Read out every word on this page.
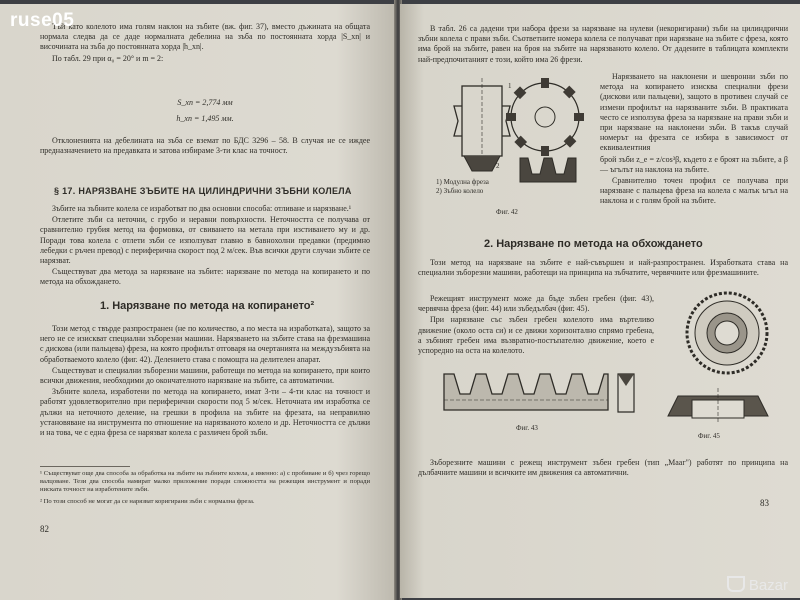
Тъй като колелото има голям наклон на зъбите (вж. фиг. 37), вместо дъжината на общата нормала следва да се даде нормалната дебелина на зъба по постоянната хорда |S_xn| и височината на зъба до постоянната хорда |h_xn|.

По табл. 29 при α₀ = 20° и m = 2:

S_xn = 2,774 мм
h_xn = 1,495 мм.

Отклоненията на дебелината на зъба се вземат по БДС 3296 – 58. В случая не се иждее предназначението на предавката и затова избираме 3-ти клас на точност.

§ 17. НАРЯЗВАНЕ ЗЪБИТЕ НА ЦИЛИНДРИЧНИ ЗЪБНИ КОЛЕЛА

Зъбите на зъбните колела се изработват по два основни способа: отливане и нарязване.¹

Отлетите зъби са неточни, с грубо и неравни повърхности. Неточността се получава от сравнително грубия метод на формовка, от свиването на метала при изстиването му и др. Поради това колела с отлети зъби се използуват главно в бавнохолни предавки (предимно лебедки с ръчен превод) с периферична скорост под 2 м/сек. Във всички други случаи зъбите се нарязват.

Съществуват два метода за нарязване на зъбите: нарязване по метода на копирането и по метода на обхождането.

1. Нарязване по метода на копирането²

Този метод с твърде разпространен (не по количество, а по места на изработката), защото за него не се изискват специални зъборезни машини. Нарязването на зъбите става на фрезмашина с дискова (или пальцева) фреза, на която профилът отговаря на очертанията на междузъбията на обработваемото колело (фиг. 42). Делението става с помощта на делителен апарат.

Съществуват и специални зъборезни машини, работещи по метода на копирането, при които всички движения, необходими до окончателното нарязване на зъбите, са автоматични.

Зъбните колела, изработени по метода на копирането, имат 3-ти – 4-ти клас на точност и работят удовлетворително при периферични скорости под 5 м/сек. Неточната им изработка се дължи на неточното деление, на грешки в профила на зъбите на фрезата, на неправилно установяване на инструмента по отношение на нарязваното колело и др. Неточността се дължи и на това, че с една фреза се нарязват колела с различен брой зъби.

¹ Съществуват още два способа за обработка на зъбите на зъбните колела, а именно: а) с пробиване и б) чрез горещо валцоване. Тези два способа намират малко приложение поради сложността на режещия инструмент и поради ниската точност на изработените зъби.
² По този способ не могат да се нарязват коригирани зъби с нормална фреза.
82

В табл. 26 са дадени три набора фрези за нарязване на нулеви (некоригирани) зъби на цилиндрични зъбни колела с прави зъби. Съответните номера колела се получават при нарязване на зъбите с фреза, която има брой на зъбите, равен на броя на зъбите на нарязваното колело. От дадените в таблицата комплекти най-предпочитаният е този, който има 26 фрези.

1
2
1) Модулна фреза
2) Зъбно колело
Фиг. 42

Нарязването на наклонени и шевронни зъби по метода на копирането изисква специални фрези (дискови или пальцеви), защото в противен случай се измени профилът на нарязваните зъби. В практиката често се използува фреза за нарязване на прави зъби и при нарязване на наклонени зъби. В такъв случай номерът на фрезата се избира в зависимост от еквивалентния

брой зъби z_e = z/cos³β, където z е броят на зъбите, а β — ъгълът на наклона на зъбите.

Сравнително точен профил се получава при нарязване с пальцева фреза на колела с малък ъгъл на наклона и с голям брой на зъбите.

2. Нарязване по метода на обхождането

Този метод на нарязване на зъбите е най-съвършен и най-разпространен. Изработката става на специални зъборезни машини, работещи на принципа на зъбчатите, червячните или фрезмашините.

Режещият инструмент може да бъде зъбен гребен (фиг. 43), червячна фреза (фиг. 44) или зъбедълбач (фиг. 45).

При нарязване със зъбен гребен колелото има въртеливо движение (около оста си) и се движи хоризонтално спрямо гребена, а зъбният гребен има възвратно-постъпателно движение, което е успоредно на оста на колелото.

Фиг. 43
Фиг. 45

Зъборезните машини с режещ инструмент зъбен гребен (тип „Мааг") работят по принципа на дълбачните машини и всичките им движения са автоматични.

83
ruse05
Bazar
